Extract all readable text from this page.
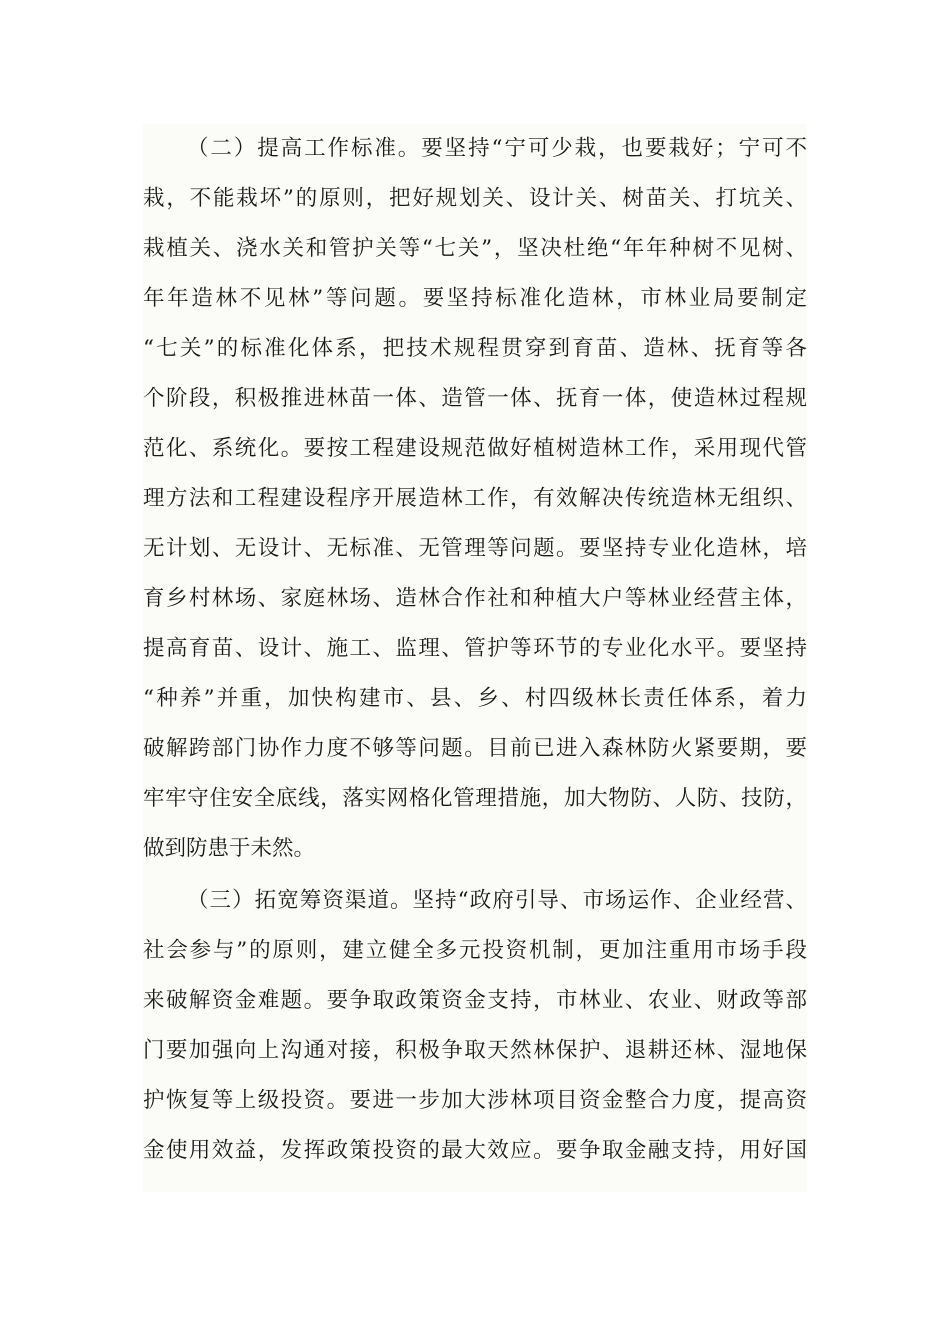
（二）提高工作标准。要坚持“宁可少栽，也要栽好；宁可不
栽，不能栽坏”的原则，把好规划关、设计关、树苗关、打坑关、
栽植关、浇水关和管护关等“七关”，坚决杜绝“年年种树不见树、
年年造林不见林”等问题。要坚持标准化造林，市林业局要制定
“七关”的标准化体系，把技术规程贯穿到育苗、造林、抚育等各
个阶段，积极推进林苗一体、造管一体、抚育一体，使造林过程规
范化、系统化。要按工程建设规范做好植树造林工作，采用现代管
理方法和工程建设程序开展造林工作，有效解决传统造林无组织、
无计划、无设计、无标准、无管理等问题。要坚持专业化造林，培
育乡村林场、家庭林场、造林合作社和种植大户等林业经营主体，
提高育苗、设计、施工、监理、管护等环节的专业化水平。要坚持
“种养”并重，加快构建市、县、乡、村四级林长责任体系，着力
破解跨部门协作力度不够等问题。目前已进入森林防火紧要期，要
牢牢守住安全底线，落实网格化管理措施，加大物防、人防、技防，
做到防患于未然。
（三）拓宽筹资渠道。坚持“政府引导、市场运作、企业经营、
社会参与”的原则，建立健全多元投资机制，更加注重用市场手段
来破解资金难题。要争取政策资金支持，市林业、农业、财政等部
门要加强向上沟通对接，积极争取天然林保护、退耕还林、湿地保
护恢复等上级投资。要进一步加大涉林项目资金整合力度，提高资
金使用效益，发挥政策投资的最大效应。要争取金融支持，用好国
